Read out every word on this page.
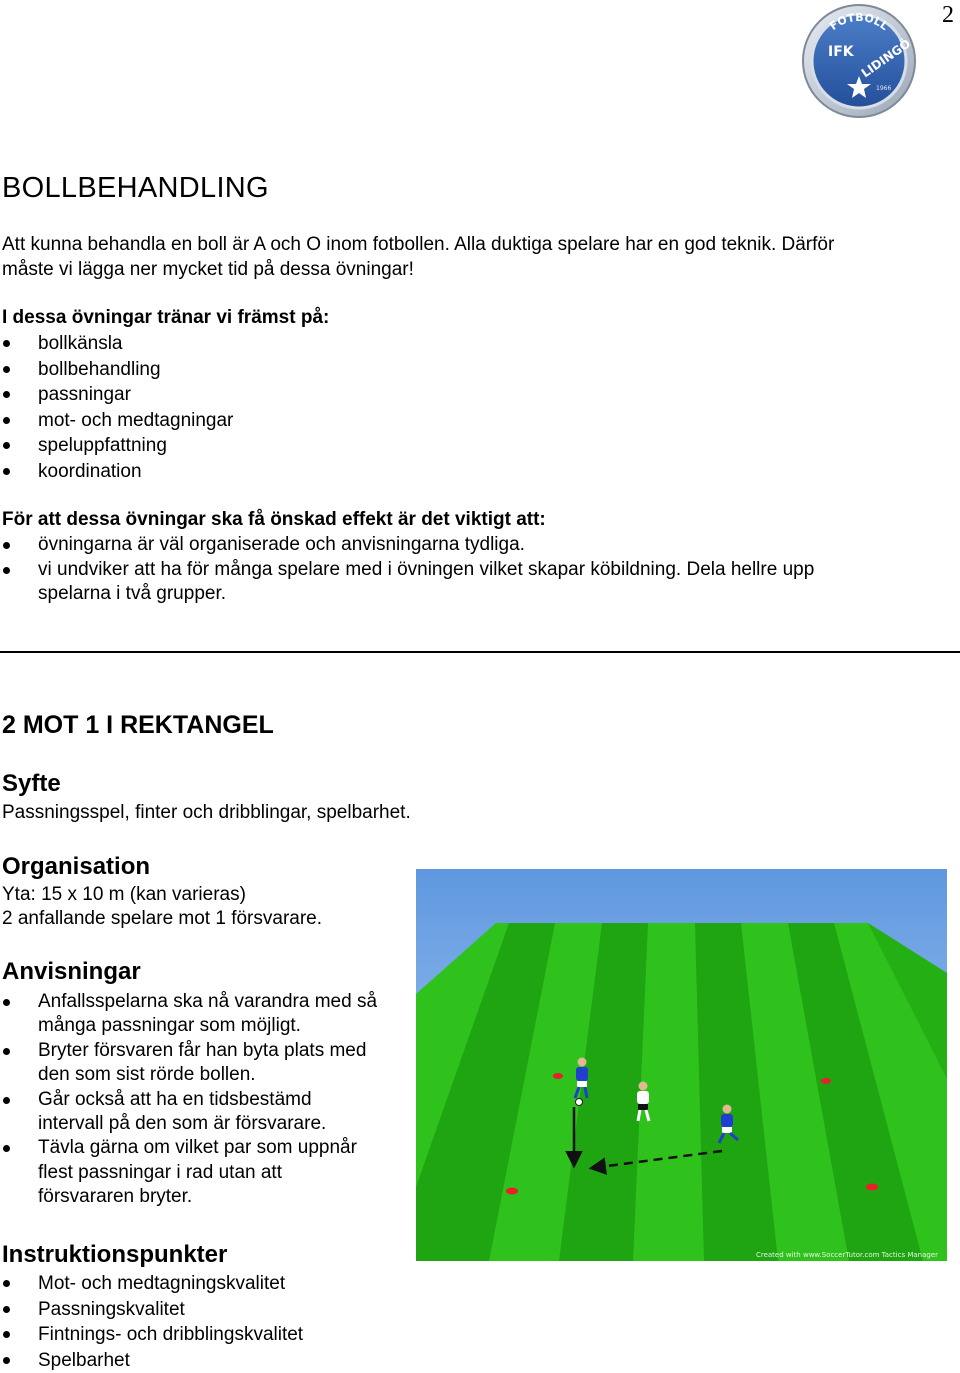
2
FOTBOLL
IFK LIDINGÖ
1966
BOLLBEHANDLING
Att kunna behandla en boll är A och O inom fotbollen. Alla duktiga spelare har en god teknik. Därför
måste vi lägga ner mycket tid på dessa övningar!
I dessa övningar tränar vi främst på:
bollkänsla
bollbehandling
passningar
mot- och medtagningar
speluppfattning
koordination
För att dessa övningar ska få önskad effekt är det viktigt att:
övningarna är väl organiserade och anvisningarna tydliga.
vi undviker att ha för många spelare med i övningen vilket skapar köbildning. Dela hellre upp spelarna i två grupper.
2 MOT 1 I REKTANGEL
Syfte
Passningsspel, finter och dribblingar, spelbarhet.
Organisation
Yta: 15 x 10 m (kan varieras)
2 anfallande spelare mot 1 försvarare.
Anvisningar
Anfallsspelarna ska nå varandra med så många passningar som möjligt.
Bryter försvaren får han byta plats med den som sist rörde bollen.
Går också att ha en tidsbestämd intervall på den som är försvarare.
Tävla gärna om vilket par som uppnår flest passningar i rad utan att försvararen bryter.
Instruktionspunkter
Mot- och medtagningskvalitet
Passningskvalitet
Fintnings- och dribblingskvalitet
Spelbarhet
Created with www.SoccerTutor.com Tactics Manager
